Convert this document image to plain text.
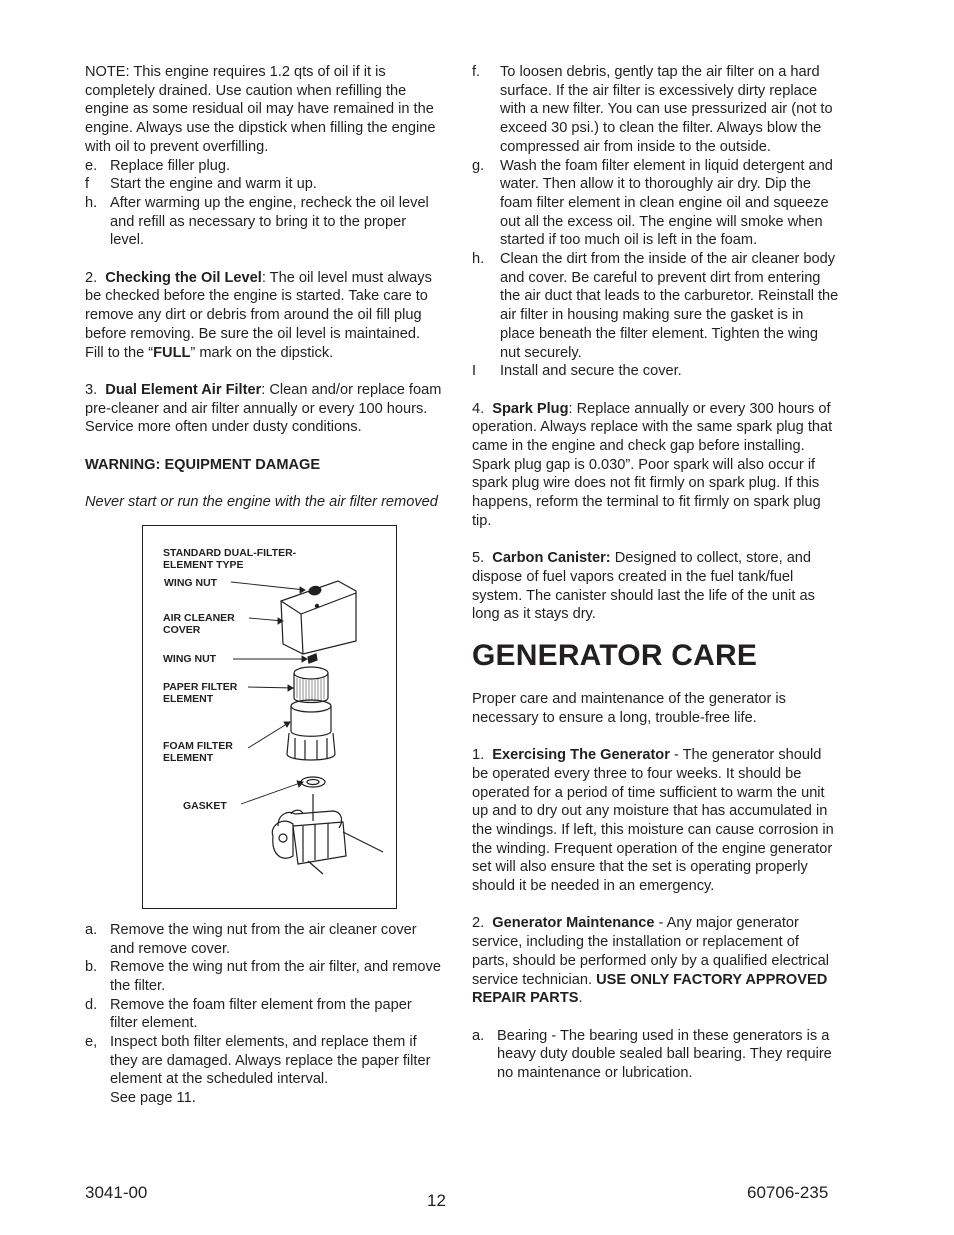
NOTE: This engine requires 1.2 qts of oil if it is completely drained. Use caution when refilling the engine as some residual oil may have remained in the engine. Always use the dipstick when filling the engine with oil to prevent overfilling.

e. Replace filler plug.
f Start the engine and warm it up.
h. After warming up the engine, recheck the oil level and refill as necessary to bring it to the proper level.

2. Checking the Oil Level: The oil level must always be checked before the engine is started. Take care to remove any dirt or debris from around the oil fill plug before removing. Be sure the oil level is maintained. Fill to the “FULL” mark on the dipstick.

3. Dual Element Air Filter: Clean and/or replace foam pre-cleaner and air filter annually or every 100 hours. Service more often under dusty conditions.

WARNING: EQUIPMENT DAMAGE

Never start or run the engine with the air filter removed

STANDARD DUAL-FILTER-ELEMENT TYPE
WING NUT
AIR CLEANER COVER
WING NUT
PAPER FILTER ELEMENT
FOAM FILTER ELEMENT
GASKET
a. Remove the wing nut from the air cleaner cover and remove cover.
b. Remove the wing nut from the air filter, and remove the filter.
d. Remove the foam filter element from the paper filter element.
e, Inspect both filter elements, and replace them if they are damaged. Always replace the paper filter element at the scheduled interval.
See page 11.
f. To loosen debris, gently tap the air filter on a hard surface. If the air filter is excessively dirty replace with a new filter. You can use pressurized air (not to exceed 30 psi.) to clean the filter. Always blow the compressed air from inside to the outside.
g. Wash the foam filter element in liquid detergent and water. Then allow it to thoroughly air dry. Dip the foam filter element in clean engine oil and squeeze out all the excess oil. The engine will smoke when started if too much oil is left in the foam.
h. Clean the dirt from the inside of the air cleaner body and cover. Be careful to prevent dirt from entering the air duct that leads to the carburetor. Reinstall the air filter in housing making sure the gasket is in place beneath the filter element. Tighten the wing nut securely.
I Install and secure the cover.

4. Spark Plug: Replace annually or every 300 hours of operation. Always replace with the same spark plug that came in the engine and check gap before installing. Spark plug gap is 0.030”. Poor spark will also occur if spark plug wire does not fit firmly on spark plug. If this happens, reform the terminal to fit firmly on spark plug tip.

5. Carbon Canister: Designed to collect, store, and dispose of fuel vapors created in the fuel tank/fuel system. The canister should last the life of the unit as long as it stays dry.

GENERATOR CARE

Proper care and maintenance of the generator is necessary to ensure a long, trouble-free life.

1. Exercising The Generator - The generator should be operated every three to four weeks. It should be operated for a period of time sufficient to warm the unit up and to dry out any moisture that has accumulated in the windings. If left, this moisture can cause corrosion in the winding. Frequent operation of the engine generator set will also ensure that the set is operating properly should it be needed in an emergency.

2. Generator Maintenance - Any major generator service, including the installation or replacement of parts, should be performed only by a qualified electrical service technician. USE ONLY FACTORY APPROVED REPAIR PARTS.

a. Bearing - The bearing used in these generators is a heavy duty double sealed ball bearing. They require no maintenance or lubrication.
3041-00	12	60706-235
